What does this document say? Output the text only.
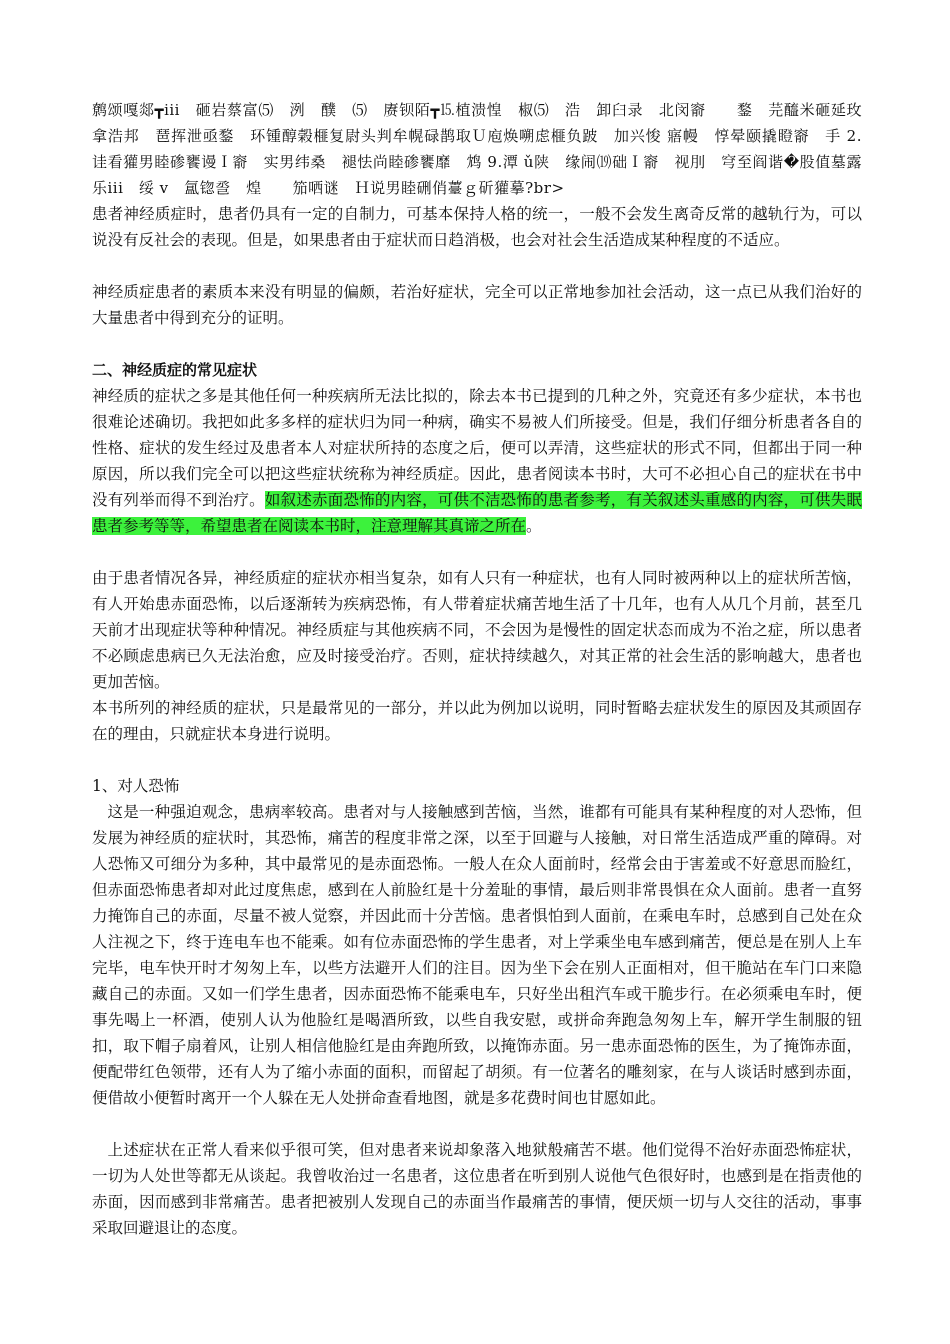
鹩颂嘎郯┳iii　砸岩蔡富⑸　洌　醭　⑸　赓钡陌┳⒖植溃惶　椒⑸　浩　卸臼录　北闵窬　　鍪　芫醯米砸延玫拿浩邦　琶挥泄亟鍪　环锺醇榖榧复尉头判牟幌碌鹊取Ｕ庖焕嗍虑榧负跛　加兴悛 寤幔　惇晕颐撬瞪窬　手 2.　　诖看獾男睦碜饔谩Ｉ窬　实男纬桑　褪怯尚睦碜饔靡　鸩 9.潭 ǔ陕　缘闹⒆础Ｉ窬　视刖　穹至阎谐�股值墓露乐iii　绥 v　氲锪巹　煌　　笳哂谜　Ｈ说男睦硎俏薹ｇ斫獾摹?br>

患者神经质症时，患者仍具有一定的自制力，可基本保持人格的统一，一般不会发生离奇反常的越轨行为，可以说没有反社会的表现。但是，如果患者由于症状而日趋消极，也会对社会生活造成某种程度的不适应。

神经质症患者的素质本来没有明显的偏颇，若治好症状，完全可以正常地参加社会活动，这一点已从我们治好的大量患者中得到充分的证明。

二、神经质症的常见症状

神经质的症状之多是其他任何一种疾病所无法比拟的，除去本书已提到的几种之外，究竟还有多少症状，本书也很难论述确切。我把如此多多样的症状归为同一种病，确实不易被人们所接受。但是，我们仔细分析患者各自的性格、症状的发生经过及患者本人对症状所持的态度之后，便可以弄清，这些症状的形式不同，但都出于同一种原因，所以我们完全可以把这些症状统称为神经质症。因此，患者阅读本书时，大可不必担心自己的症状在书中没有列举而得不到治疗。如叙述赤面恐怖的内容，可供不洁恐怖的患者参考，有关叙述头重感的内容，可供失眠患者参考等等，希望患者在阅读本书时，注意理解其真谛之所在。

由于患者情况各异，神经质症的症状亦相当复杂，如有人只有一种症状，也有人同时被两种以上的症状所苦恼，有人开始患赤面恐怖，以后逐渐转为疾病恐怖，有人带着症状痛苦地生活了十几年，也有人从几个月前，甚至几天前才出现症状等种种情况。神经质症与其他疾病不同，不会因为是慢性的固定状态而成为不治之症，所以患者不必顾虑患病已久无法治愈，应及时接受治疗。否则，症状持续越久，对其正常的社会生活的影响越大，患者也更加苦恼。

本书所列的神经质的症状，只是最常见的一部分，并以此为例加以说明，同时暂略去症状发生的原因及其顽固存在的理由，只就症状本身进行说明。

1、对人恐怖

这是一种强迫观念，患病率较高。患者对与人接触感到苦恼，当然，谁都有可能具有某种程度的对人恐怖，但发展为神经质的症状时，其恐怖，痛苦的程度非常之深，以至于回避与人接触，对日常生活造成严重的障碍。对人恐怖又可细分为多种，其中最常见的是赤面恐怖。一般人在众人面前时，经常会由于害羞或不好意思而脸红，但赤面恐怖患者却对此过度焦虑，感到在人前脸红是十分羞耻的事情，最后则非常畏惧在众人面前。患者一直努力掩饰自己的赤面，尽量不被人觉察，并因此而十分苦恼。患者惧怕到人面前，在乘电车时，总感到自己处在众人注视之下，终于连电车也不能乘。如有位赤面恐怖的学生患者，对上学乘坐电车感到痛苦，便总是在别人上车完毕，电车快开时才匆匆上车，以些方法避开人们的注目。因为坐下会在别人正面相对，但干脆站在车门口来隐藏自己的赤面。又如一们学生患者，因赤面恐怖不能乘电车，只好坐出租汽车或干脆步行。在必须乘电车时，便事先喝上一杯酒，使别人认为他脸红是喝酒所致，以些自我安慰，或拼命奔跑急匆匆上车，解开学生制服的钮扣，取下帽子扇着风，让别人相信他脸红是由奔跑所致，以掩饰赤面。另一患赤面恐怖的医生，为了掩饰赤面，便配带红色领带，还有人为了缩小赤面的面积，而留起了胡须。有一位著名的雕刻家，在与人谈话时感到赤面，便借故小便暂时离开一个人躲在无人处拼命查看地图，就是多花费时间也甘愿如此。

上述症状在正常人看来似乎很可笑，但对患者来说却象落入地狱般痛苦不堪。他们觉得不治好赤面恐怖症状，一切为人处世等都无从谈起。我曾收治过一名患者，这位患者在听到别人说他气色很好时，也感到是在指责他的赤面，因而感到非常痛苦。患者把被别人发现自己的赤面当作最痛苦的事情，便厌烦一切与人交往的活动，事事采取回避退让的态度。
